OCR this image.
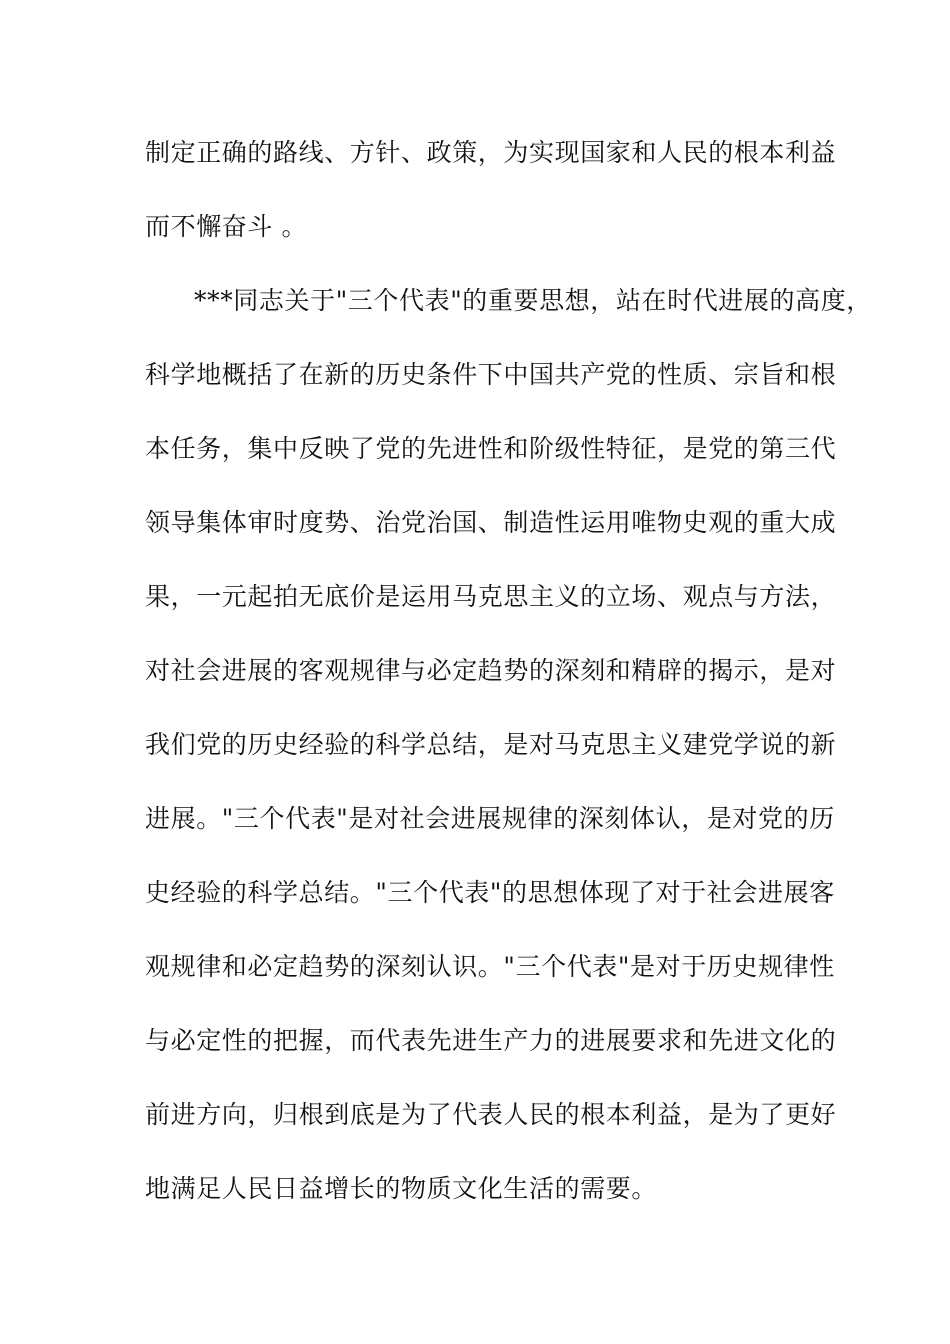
制定正确的路线、方针、政策，为实现国家和人民的根本利益
而不懈奋斗 。
***同志关于"三个代表"的重要思想，站在时代进展的高度，
科学地概括了在新的历史条件下中国共产党的性质、宗旨和根
本任务，集中反映了党的先进性和阶级性特征，是党的第三代
领导集体审时度势、治党治国、制造性运用唯物史观的重大成
果，一元起拍无底价是运用马克思主义的立场、观点与方法，
对社会进展的客观规律与必定趋势的深刻和精辟的揭示，是对
我们党的历史经验的科学总结，是对马克思主义建党学说的新
进展。"三个代表"是对社会进展规律的深刻体认，是对党的历
史经验的科学总结。"三个代表"的思想体现了对于社会进展客
观规律和必定趋势的深刻认识。"三个代表"是对于历史规律性
与必定性的把握，而代表先进生产力的进展要求和先进文化的
前进方向，归根到底是为了代表人民的根本利益，是为了更好
地满足人民日益增长的物质文化生活的需要。
